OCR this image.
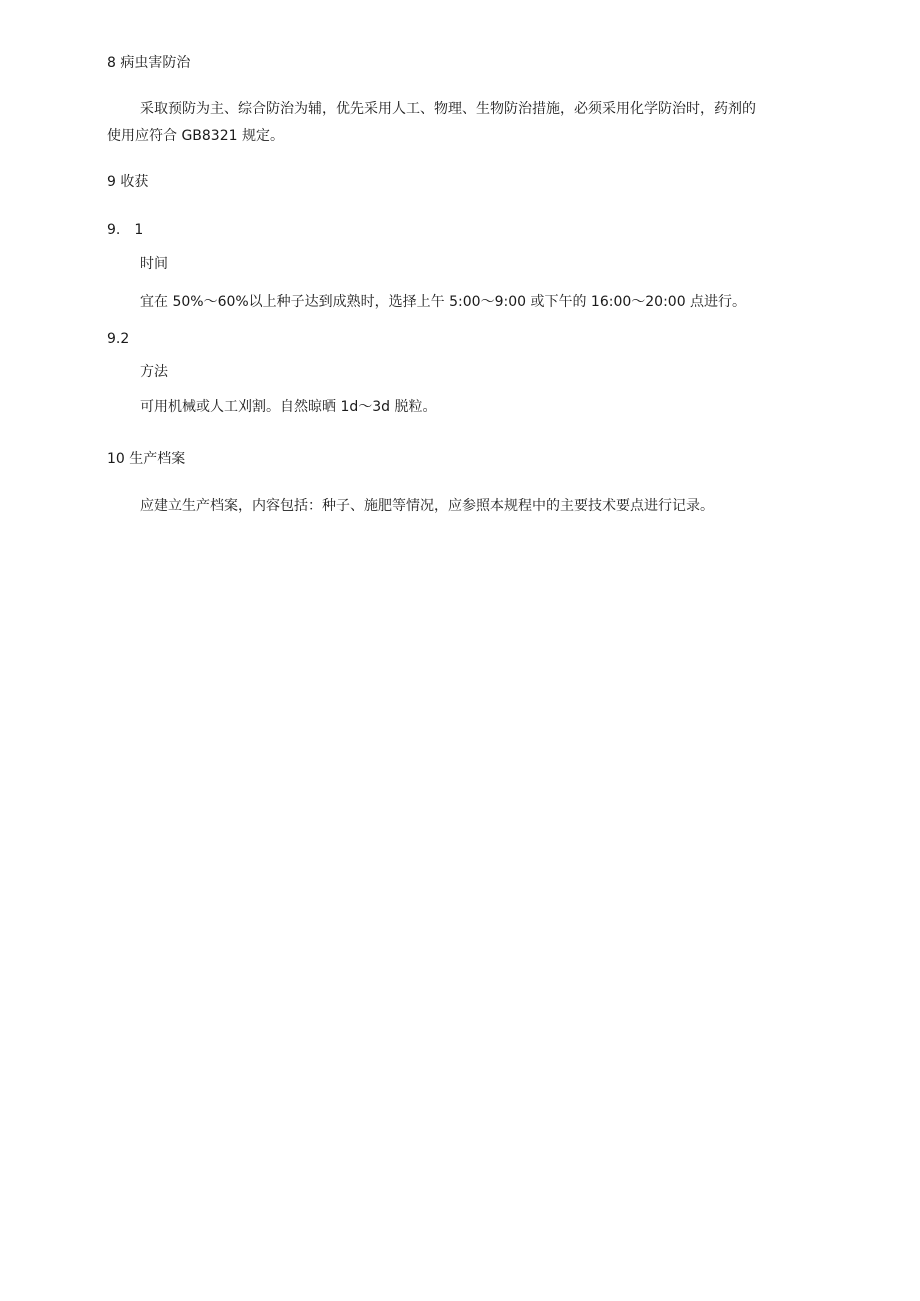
8 病虫害防治
采取预防为主、综合防治为辅，优先采用人工、物理、生物防治措施，必须采用化学防治时，药剂的
使用应符合 GB8321 规定。
9 收获
9.　1
时间
宜在 50%～60%以上种子达到成熟时，选择上午 5:00～9:00 或下午的 16:00～20:00 点进行。
9.2
方法
可用机械或人工刈割。自然晾晒 1d～3d 脱粒。
10 生产档案
应建立生产档案，内容包括：种子、施肥等情况，应参照本规程中的主要技术要点进行记录。
